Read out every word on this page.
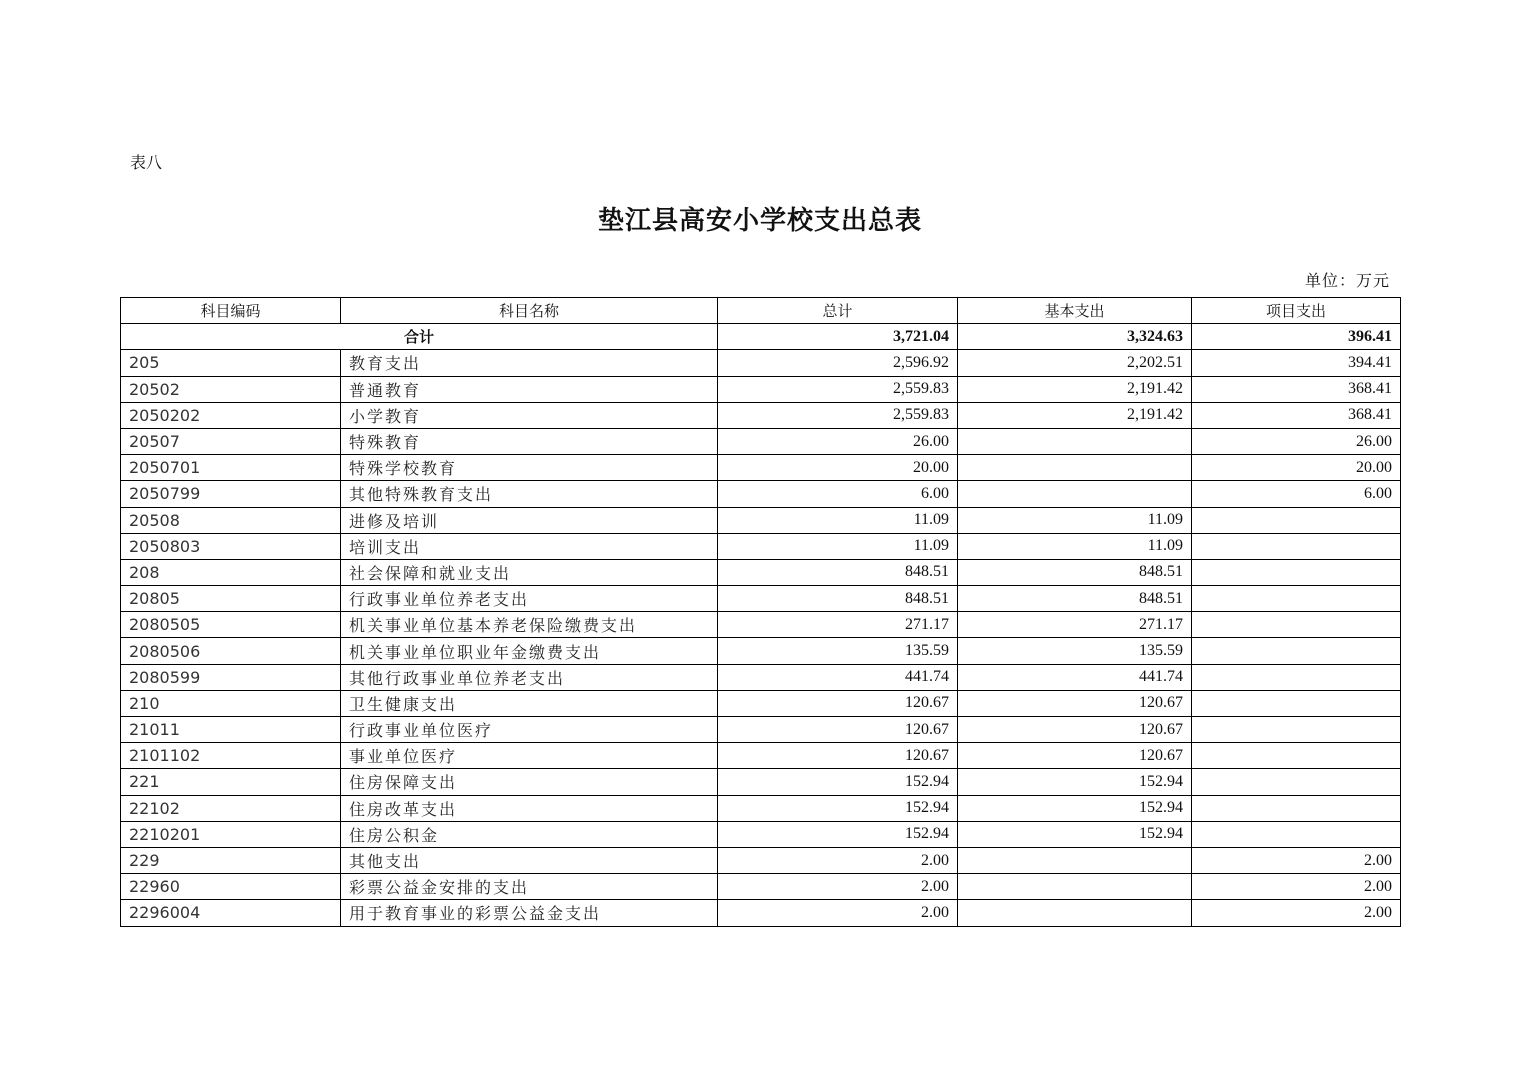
表八
垫江县高安小学校支出总表
单位：万元
科目编码	科目名称	总计	基本支出	项目支出
合计		3,721.04	3,324.63	396.41
205	教育支出	2,596.92	2,202.51	394.41
20502	普通教育	2,559.83	2,191.42	368.41
2050202	小学教育	2,559.83	2,191.42	368.41
20507	特殊教育	26.00		26.00
2050701	特殊学校教育	20.00		20.00
2050799	其他特殊教育支出	6.00		6.00
20508	进修及培训	11.09	11.09	
2050803	培训支出	11.09	11.09	
208	社会保障和就业支出	848.51	848.51	
20805	行政事业单位养老支出	848.51	848.51	
2080505	机关事业单位基本养老保险缴费支出	271.17	271.17	
2080506	机关事业单位职业年金缴费支出	135.59	135.59	
2080599	其他行政事业单位养老支出	441.74	441.74	
210	卫生健康支出	120.67	120.67	
21011	行政事业单位医疗	120.67	120.67	
2101102	事业单位医疗	120.67	120.67	
221	住房保障支出	152.94	152.94	
22102	住房改革支出	152.94	152.94	
2210201	住房公积金	152.94	152.94	
229	其他支出	2.00		2.00
22960	彩票公益金安排的支出	2.00		2.00
2296004	用于教育事业的彩票公益金支出	2.00		2.00
